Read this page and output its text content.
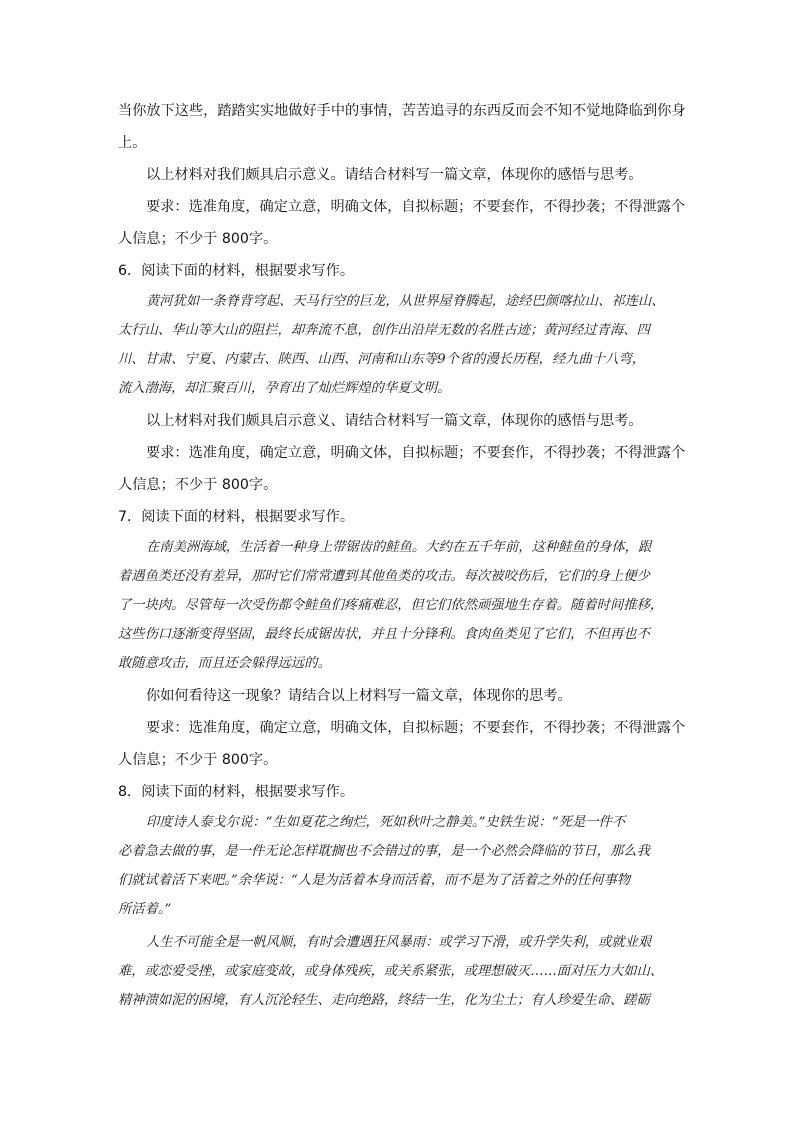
当你放下这些，踏踏实实地做好手中的事情，苦苦追寻的东西反而会不知不觉地降临到你身
上。
以上材料对我们颇具启示意义。请结合材料写一篇文章，体现你的感悟与思考。
要求：选准角度，确定立意，明确文体，自拟标题；不要套作，不得抄袭；不得泄露个
人信息；不少于 800字。
6．阅读下面的材料，根据要求写作。
黄河犹如一条脊背穹起、天马行空的巨龙，从世界屋脊腾起，途经巴颜喀拉山、祁连山、
太行山、华山等大山的阻拦，却奔流不息，创作出沿岸无数的名胜古迹；黄河经过青海、四
川、甘肃、宁夏、内蒙古、陕西、山西、河南和山东等9个省的漫长历程，经九曲十八弯，
流入渤海，却汇聚百川，孕育出了灿烂辉煌的华夏文明。
以上材料对我们颇具启示意义、请结合材料写一篇文章，体现你的感悟与思考。
要求：选准角度，确定立意，明确文体，自拟标题；不要套作，不得抄袭；不得泄露个
人信息；不少于 800字。
7．阅读下面的材料，根据要求写作。
在南美洲海域，生活着一种身上带锯齿的鲑鱼。大约在五千年前，这种鲑鱼的身体，跟
着遇鱼类还没有差异，那时它们常常遭到其他鱼类的攻击。每次被咬伤后，它们的身上便少
了一块肉。尽管每一次受伤都令鲑鱼们疼痛难忍，但它们依然顽强地生存着。随着时间推移，
这些伤口逐渐变得坚固，最终长成锯齿状，并且十分锋利。食肉鱼类见了它们，不但再也不
敢随意攻击，而且还会躲得远远的。
你如何看待这一现象？请结合以上材料写一篇文章，体现你的思考。
要求：选准角度，确定立意，明确文体，自拟标题；不要套作，不得抄袭；不得泄露个
人信息；不少于 800字。
8．阅读下面的材料，根据要求写作。
印度诗人泰戈尔说：“生如夏花之绚烂，死如秋叶之静美。”史铁生说：“死是一件不
必着急去做的事，是一件无论怎样耽搁也不会错过的事，是一个必然会降临的节日，那么我
们就试着活下来吧。”余华说：“人是为活着本身而活着，而不是为了活着之外的任何事物
所活着。”
人生不可能全是一帆风顺，有时会遭遇狂风暴雨：或学习下滑，或升学失利，或就业艰
难，或恋爱受挫，或家庭变故，或身体残疾，或关系紧张，或理想破灭……面对压力大如山、
精神溃如泥的困境，有人沉沦轻生、走向绝路，终结一生，化为尘土；有人珍爱生命、蹉砺
